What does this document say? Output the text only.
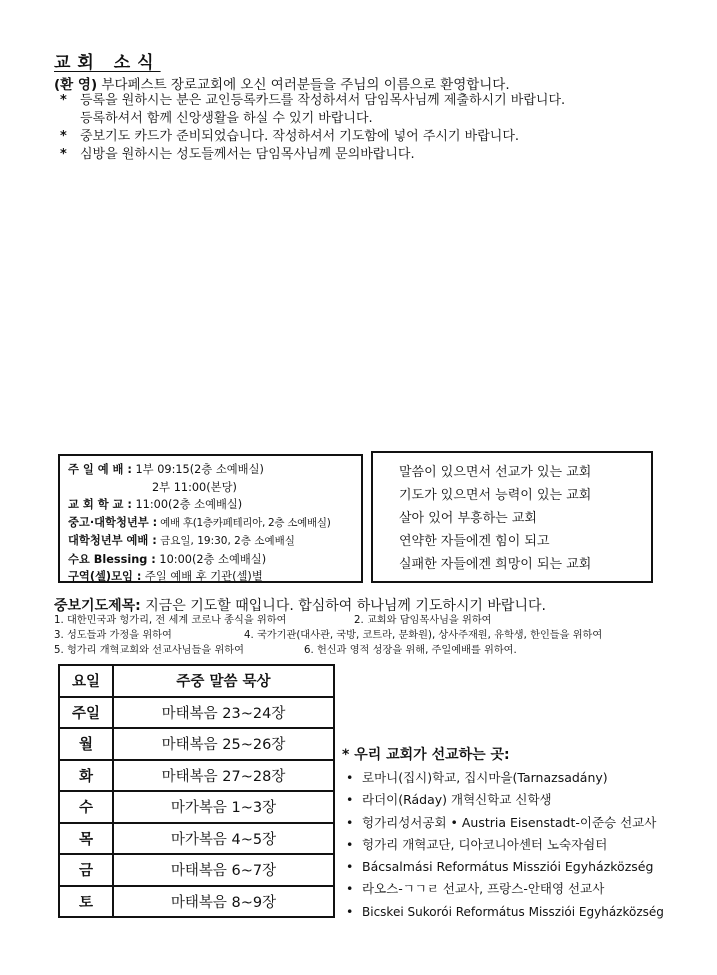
교회 소식
(환 영) 부다페스트 장로교회에 오신 여러분들을 주님의 이름으로 환영합니다.
*	등록을 원하시는 분은 교인등록카드를 작성하셔서 담임목사님께 제출하시기 바랍니다.
등록하셔서 함께 신앙생활을 하실 수 있기 바랍니다.
*	중보기도 카드가 준비되었습니다. 작성하셔서 기도함에 넣어 주시기 바랍니다.
*	심방을 원하시는 성도들께서는 담임목사님께 문의바랍니다.
주 일 예 배 : 1부 09:15(2층 소예배실)
2부 11:00(본당)
교 회 학 교 : 11:00(2층 소예배실)
중고·대학청년부 : 예배 후(1층카페테리아, 2층 소예배실)
대학청년부 예배 : 금요일, 19:30, 2층 소예배실
수요 Blessing : 10:00(2층 소예배실)
구역(셀)모임 : 주일 예배 후 기관(셀)별
말씀이 있으면서 선교가 있는 교회
기도가 있으면서 능력이 있는 교회
살아 있어 부흥하는 교회
연약한 자들에겐 힘이 되고
실패한 자들에겐 희망이 되는 교회
중보기도제목: 지금은 기도할 때입니다. 합심하여 하나님께 기도하시기 바랍니다.
1. 대한민국과 헝가리, 전 세계 코로나 종식을 위하여	2. 교회와 담임목사님을 위하여
3. 성도들과 가정을 위하여	4. 국가기관(대사관, 국방, 코트라, 문화원), 상사주재원, 유학생, 한인들을 위하여
5. 헝가리 개혁교회와 선교사님들을 위하여	6. 헌신과 영적 성장을 위해, 주일예배를 위하여.
요일	주중 말씀 묵상
주일	마태복음 23~24장
월	마태복음 25~26장
화	마태복음 27~28장
수	마가복음 1~3장
목	마가복음 4~5장
금	마태복음 6~7장
토	마태복음 8~9장
* 우리 교회가 선교하는 곳:
• 로마니(집시)학교, 집시마을(Tarnazsadány)
• 라더이(Ráday) 개혁신학교 신학생
• 헝가리성서공회 • Austria Eisenstadt-이준승 선교사
• 헝가리 개혁교단, 디아코니아센터 노숙자쉼터
• Bácsalmási Református Missziói Egyházközség
• 라오스-ㄱㄱㄹ 선교사, 프랑스-안태영 선교사
• Bicskei Sukorói Református Missziói Egyházközség
